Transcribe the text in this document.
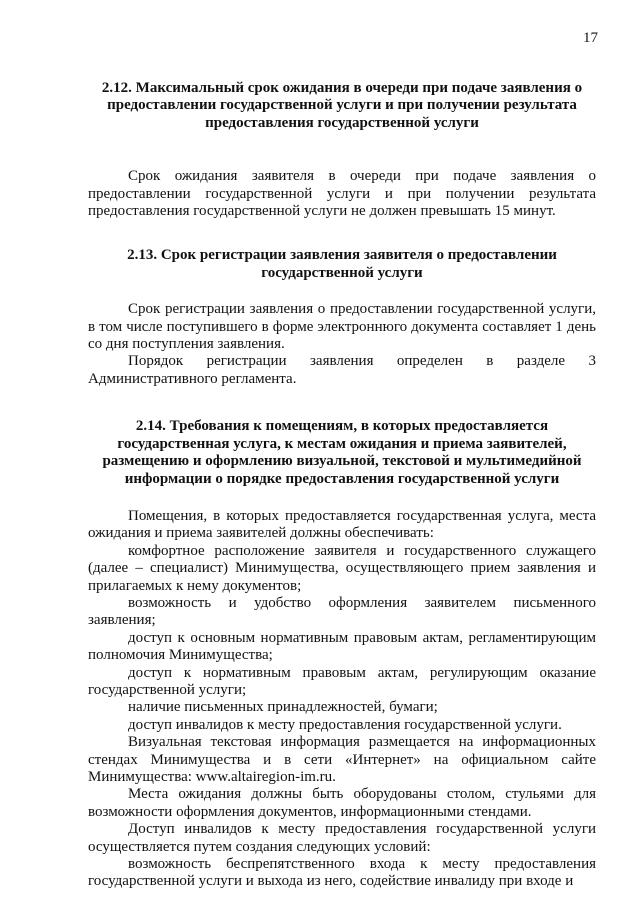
17
2.12. Максимальный срок ожидания в очереди при подаче заявления о
предоставлении государственной услуги и при получении результата
предоставления государственной услуги

Срок ожидания заявителя в очереди при подаче заявления о предоставлении государственной услуги и при получении результата предоставления государственной услуги не должен превышать 15 минут.

2.13. Срок регистрации заявления заявителя о предоставлении
государственной услуги

Срок регистрации заявления о предоставлении государственной услуги, в том числе поступившего в форме электроннюго документа составляет 1 день со дня поступления заявления.

Порядок регистрации заявления определен в разделе 3 Административного регламента.

2.14. Требования к помещениям, в которых предоставляется
государственная услуга, к местам ожидания и приема заявителей,
размещению и оформлению визуальной, текстовой и мультимедийной
информации о порядке предоставления государственной услуги

Помещения, в которых предоставляется государственная услуга, места ожидания и приема заявителей должны обеспечивать:

комфортное расположение заявителя и государственного служащего (далее – специалист) Минимущества, осуществляющего прием заявления и прилагаемых к нему документов;

возможность и удобство оформления заявителем письменного заявления;

доступ к основным нормативным правовым актам, регламентирующим полномочия Минимущества;

доступ к нормативным правовым актам, регулирующим оказание государственной услуги;

наличие письменных принадлежностей, бумаги;

доступ инвалидов к месту предоставления государственной услуги.

Визуальная текстовая информация размещается на информационных стендах Минимущества и в сети «Интернет» на официальном сайте Минимущества: www.altairegion-im.ru.

Места ожидания должны быть оборудованы столом, стульями для возможности оформления документов, информационными стендами.

Доступ инвалидов к месту предоставления государственной услуги осуществляется путем создания следующих условий:

возможность беспрепятственного входа к месту предоставления государственной услуги и выхода из него, содействие инвалиду при входе и
